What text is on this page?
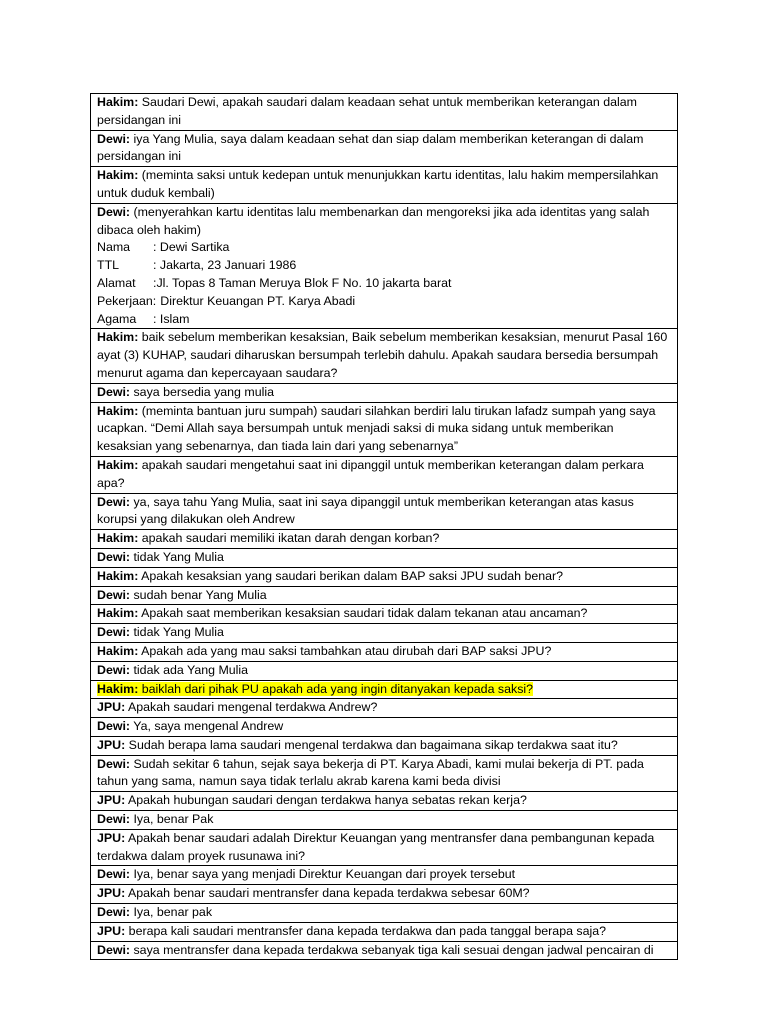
Hakim: Saudari Dewi, apakah saudari dalam keadaan sehat untuk memberikan keterangan dalam persidangan ini

Dewi: iya Yang Mulia, saya dalam keadaan sehat dan siap dalam memberikan keterangan di dalam persidangan ini

Hakim: (meminta saksi untuk kedepan untuk menunjukkan kartu identitas, lalu hakim mempersilahkan untuk duduk kembali)

Dewi: (menyerahkan kartu identitas lalu membenarkan dan mengoreksi jika ada identitas yang salah dibaca oleh hakim)
Nama	: Dewi Sartika
TTL	: Jakarta, 23 Januari 1986
Alamat	:Jl. Topas 8 Taman Meruya Blok F No. 10 jakarta barat
Pekerjaan: Direktur Keuangan PT. Karya Abadi
Agama	: Islam

Hakim: baik sebelum memberikan kesaksian, Baik sebelum memberikan kesaksian, menurut Pasal 160 ayat (3) KUHAP, saudari diharuskan bersumpah terlebih dahulu. Apakah saudara bersedia bersumpah menurut agama dan kepercayaan saudara?

Dewi: saya bersedia yang mulia

Hakim: (meminta bantuan juru sumpah) saudari silahkan berdiri lalu tirukan lafadz sumpah yang saya ucapkan. “Demi Allah saya bersumpah untuk menjadi saksi di muka sidang untuk memberikan kesaksian yang sebenarnya, dan tiada lain dari yang sebenarnya”

Hakim: apakah saudari mengetahui saat ini dipanggil untuk memberikan keterangan dalam perkara apa?

Dewi: ya, saya tahu Yang Mulia, saat ini saya dipanggil untuk memberikan keterangan atas kasus korupsi yang dilakukan oleh Andrew

Hakim: apakah saudari memiliki ikatan darah dengan korban?

Dewi: tidak Yang Mulia

Hakim: Apakah kesaksian yang saudari berikan dalam BAP saksi JPU sudah benar?

Dewi: sudah benar Yang Mulia

Hakim: Apakah saat memberikan kesaksian saudari tidak dalam tekanan atau ancaman?

Dewi: tidak Yang Mulia

Hakim: Apakah ada yang mau saksi tambahkan atau dirubah dari BAP saksi JPU?

Dewi: tidak ada Yang Mulia

Hakim: baiklah dari pihak PU apakah ada yang ingin ditanyakan kepada saksi?

JPU: Apakah saudari mengenal terdakwa Andrew?

Dewi: Ya, saya mengenal Andrew

JPU: Sudah berapa lama saudari mengenal terdakwa dan bagaimana sikap terdakwa saat itu?

Dewi: Sudah sekitar 6 tahun, sejak saya bekerja di PT. Karya Abadi, kami mulai bekerja di PT. pada tahun yang sama, namun saya tidak terlalu akrab karena kami beda divisi

JPU: Apakah hubungan saudari dengan terdakwa hanya sebatas rekan kerja?

Dewi: Iya, benar Pak

JPU: Apakah benar saudari adalah Direktur Keuangan yang mentransfer dana pembangunan kepada terdakwa dalam proyek rusunawa ini?

Dewi: Iya, benar saya yang menjadi Direktur Keuangan dari proyek tersebut

JPU: Apakah benar saudari mentransfer dana kepada terdakwa sebesar 60M?

Dewi: Iya, benar pak

JPU: berapa kali saudari mentransfer dana kepada terdakwa dan pada tanggal berapa saja?

Dewi: saya mentransfer dana kepada terdakwa sebanyak tiga kali sesuai dengan jadwal pencairan di
